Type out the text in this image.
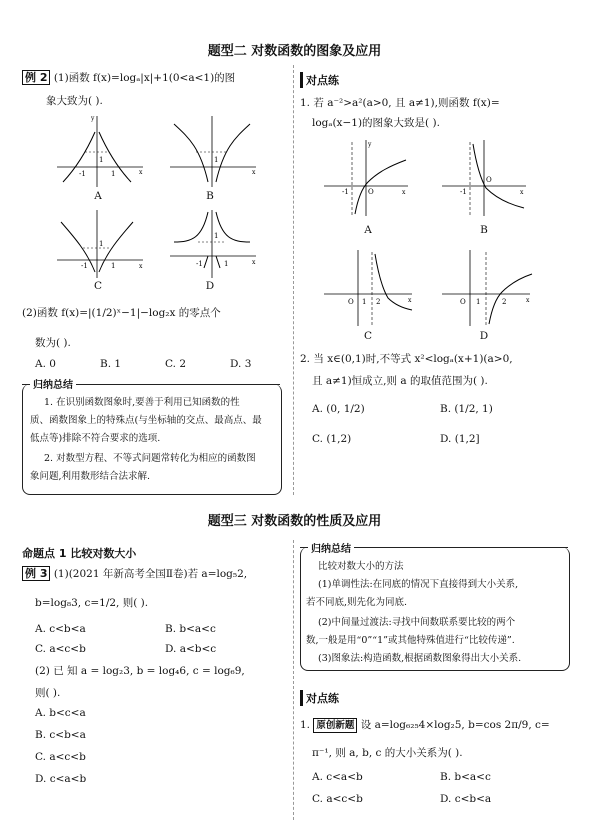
题型二 对数函数的图象及应用
例 2 (1)函数 f(x)=logₐ|x|+1(0<a<1)的图
象大致为( ).
1
-1	1	x
y
A
1
x
B
1
-1	1	x
C
1
-1	1	x
D
(2)函数 f(x)=|(1/2)ˣ−1|−log₂x 的零点个
数为( ).
A. 0	B. 1	C. 2	D. 3
归纳总结
1. 在识别函数图象时,要善于利用已知函数的性
质、函数图象上的特殊点(与坐标轴的交点、最高点、最
低点等)排除不符合要求的选项.
2. 对数型方程、不等式问题常转化为相应的函数图
象问题,利用数形结合法求解.
对点练
1. 若 a⁻²>a²(a>0, 且 a≠1),则函数 f(x)=
logₐ(x−1)的图象大致是( ).
-1	O	x
y
A
-1
O
x
B
O 1 2	x
C
O 1	2	x
D
2. 当 x∈(0,1)时,不等式 x²<logₐ(x+1)(a>0,
且 a≠1)恒成立,则 a 的取值范围为( ).
A. (0, 1/2)	B. (1/2, 1)
C. (1,2)	D. (1,2]
题型三 对数函数的性质及应用
命题点 1 比较对数大小
例 3 (1)(2021 年新高考全国Ⅱ卷)若 a=log₅2,
b=log₈3, c=1/2, 则( ).
A. c<b<a	B. b<a<c
C. a<c<b	D. a<b<c
(2) 已 知 a = log₂3, b = log₄6, c = log₆9,
则( ).
A. b<c<a
B. c<b<a
C. a<c<b
D. c<a<b
归纳总结
比较对数大小的方法
(1)单调性法:在同底的情况下直接得到大小关系,
若不同底,则先化为同底.
(2)中间量过渡法:寻找中间数联系要比较的两个
数,一般是用“0”“1”或其他特殊值进行“比较传递”.
(3)图象法:构造函数,根据函数图象得出大小关系.
对点练
1. 原创新题 设 a=log₆₂₅4×log₂5, b=cos 2π/9, c=
π⁻¹, 则 a, b, c 的大小关系为( ).
A. c<a<b	B. b<a<c
C. a<c<b	D. c<b<a
